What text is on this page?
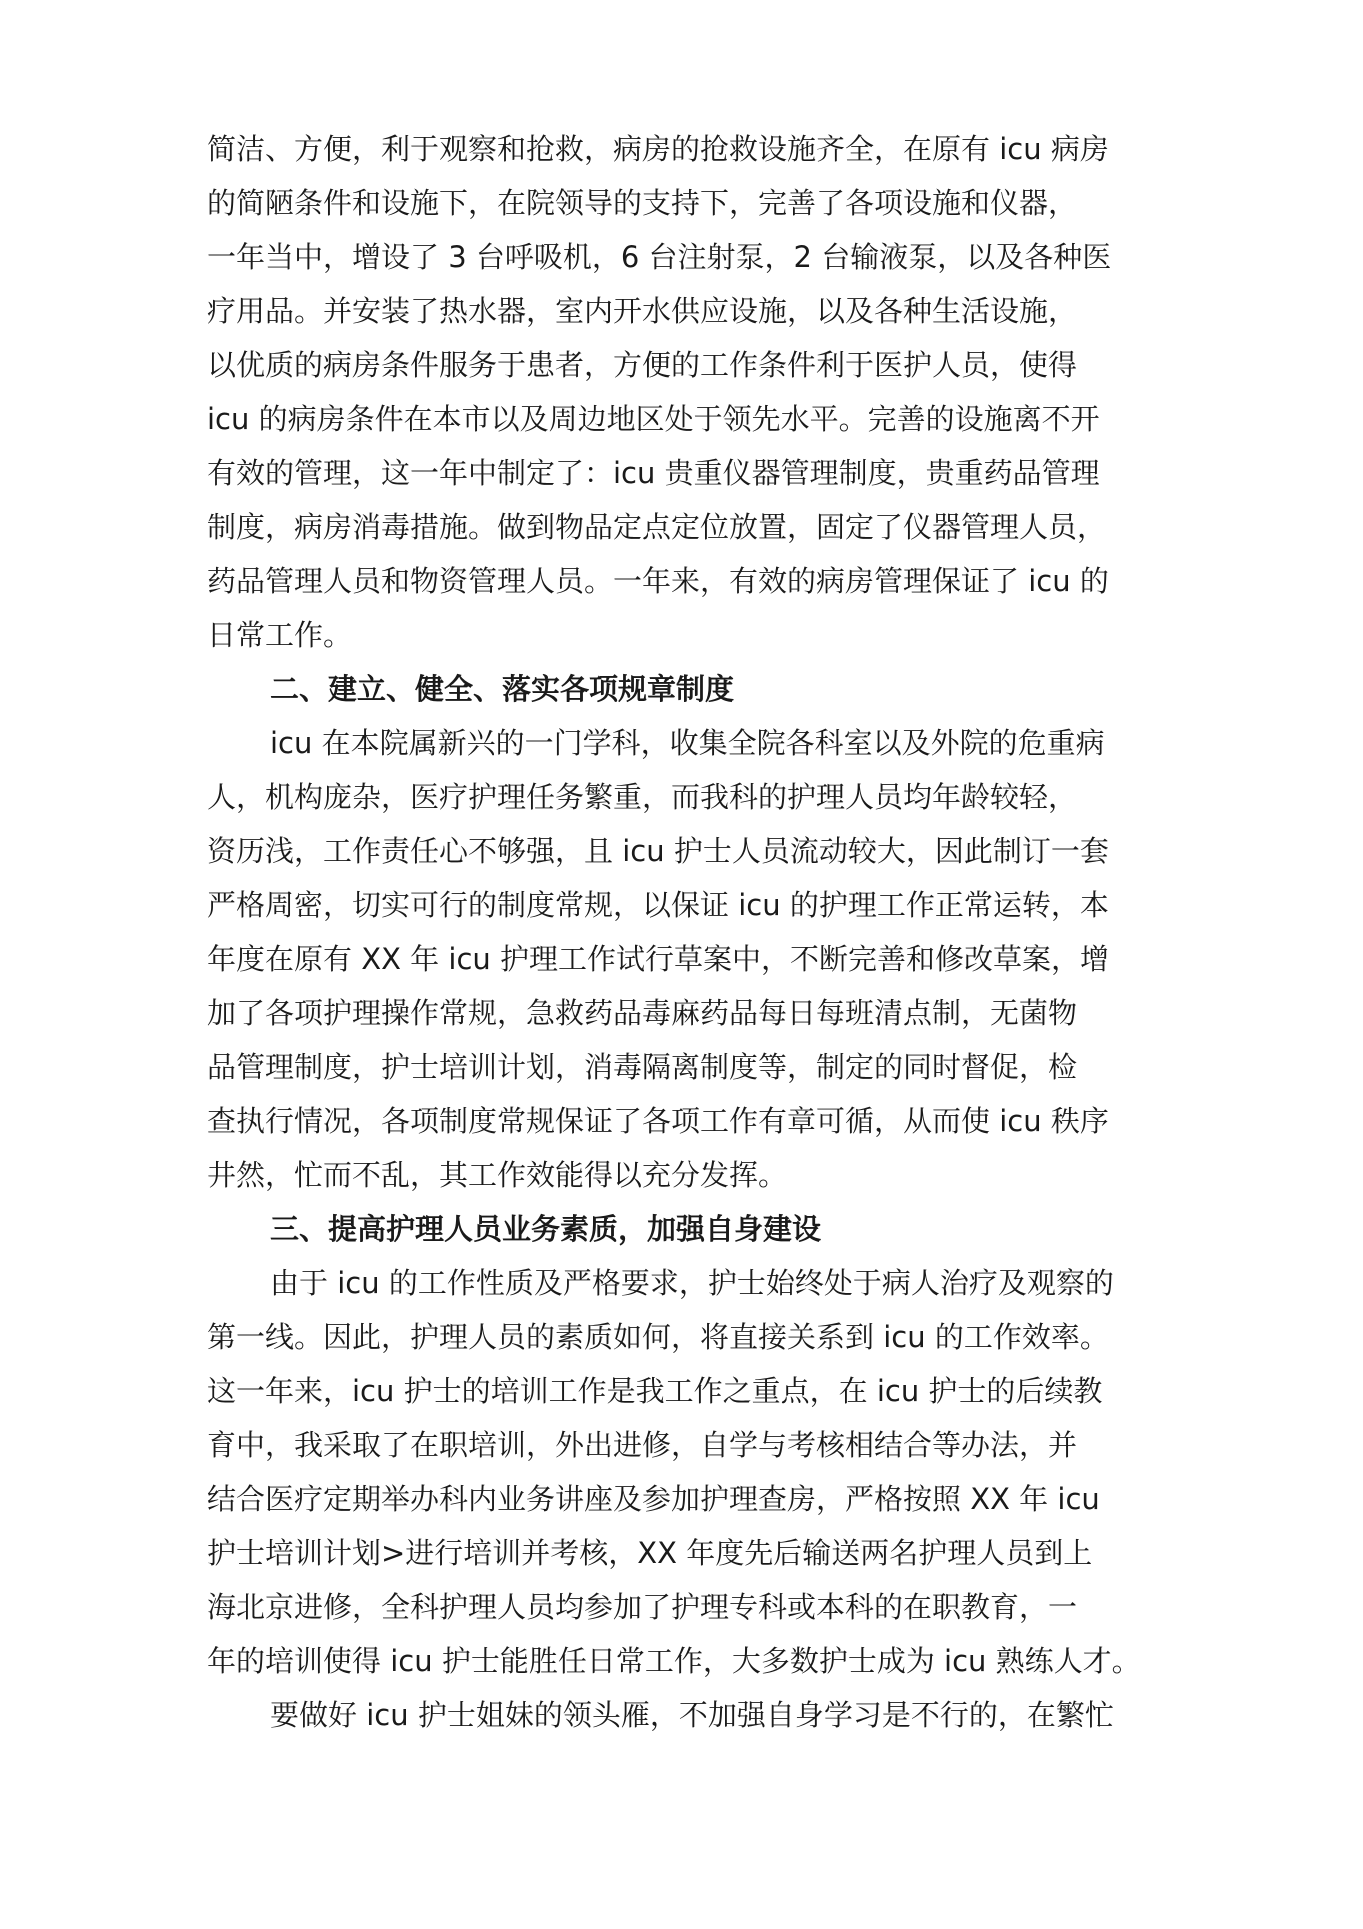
简洁、方便，利于观察和抢救，病房的抢救设施齐全，在原有 icu 病房
的简陋条件和设施下，在院领导的支持下，完善了各项设施和仪器，
一年当中，增设了 3 台呼吸机，6 台注射泵，2 台输液泵，以及各种医
疗用品。并安装了热水器，室内开水供应设施，以及各种生活设施，
以优质的病房条件服务于患者，方便的工作条件利于医护人员，使得
icu 的病房条件在本市以及周边地区处于领先水平。完善的设施离不开
有效的管理，这一年中制定了：icu 贵重仪器管理制度，贵重药品管理
制度，病房消毒措施。做到物品定点定位放置，固定了仪器管理人员，
药品管理人员和物资管理人员。一年来，有效的病房管理保证了 icu 的
日常工作。
二、建立、健全、落实各项规章制度
icu 在本院属新兴的一门学科，收集全院各科室以及外院的危重病
人，机构庞杂，医疗护理任务繁重，而我科的护理人员均年龄较轻，
资历浅，工作责任心不够强，且 icu 护士人员流动较大，因此制订一套
严格周密，切实可行的制度常规，以保证 icu 的护理工作正常运转，本
年度在原有 XX 年 icu 护理工作试行草案中，不断完善和修改草案，增
加了各项护理操作常规，急救药品毒麻药品每日每班清点制，无菌物
品管理制度，护士培训计划，消毒隔离制度等，制定的同时督促，检
查执行情况，各项制度常规保证了各项工作有章可循，从而使 icu 秩序
井然，忙而不乱，其工作效能得以充分发挥。
三、提高护理人员业务素质，加强自身建设
由于 icu 的工作性质及严格要求，护士始终处于病人治疗及观察的
第一线。因此，护理人员的素质如何，将直接关系到 icu 的工作效率。
这一年来，icu 护士的培训工作是我工作之重点，在 icu 护士的后续教
育中，我采取了在职培训，外出进修，自学与考核相结合等办法，并
结合医疗定期举办科内业务讲座及参加护理查房，严格按照 XX 年 icu
护士培训计划>进行培训并考核，XX 年度先后输送两名护理人员到上
海北京进修，全科护理人员均参加了护理专科或本科的在职教育，一
年的培训使得 icu 护士能胜任日常工作，大多数护士成为 icu 熟练人才。
要做好 icu 护士姐妹的领头雁，不加强自身学习是不行的，在繁忙
